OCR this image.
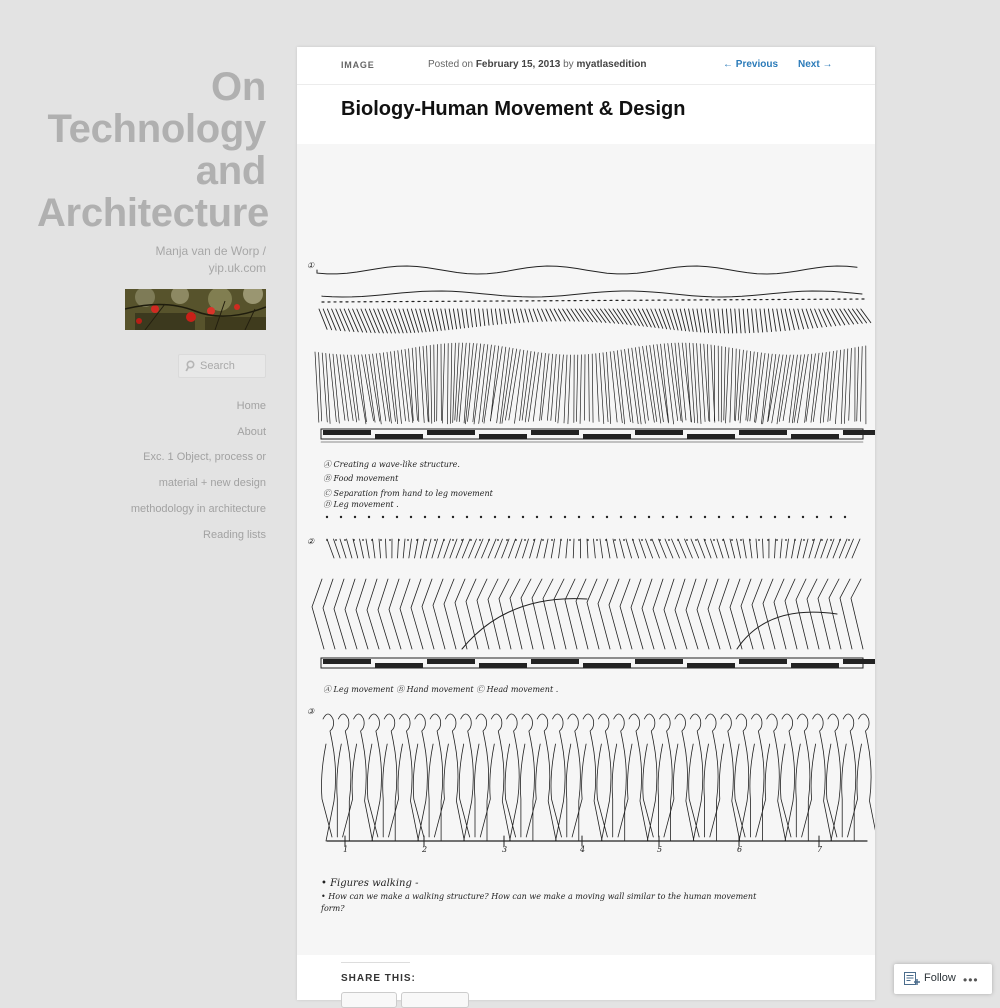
On
Technology
and
Architecture
Manja van de Worp /
yip.uk.com
Search
Home
About
Exc. 1 Object, process or
material + new design
methodology in architecture
Reading lists
IMAGE	Posted on February 15, 2013 by myatlasedition	← Previous Next →
Biology-Human Movement & Design
①
②
③
Ⓐ Creating a wave-like structure.
Ⓑ Food movement
Ⓒ Separation from hand to leg movement
Ⓓ Leg movement .
Ⓐ Leg movement Ⓑ Hand movement Ⓒ Head movement .
1	2	3	4	5	6	7
• Figures walking -
• How can we make a walking structure? How can we make a moving wall similar to the human movement
form?
SHARE THIS:	Follow •••
